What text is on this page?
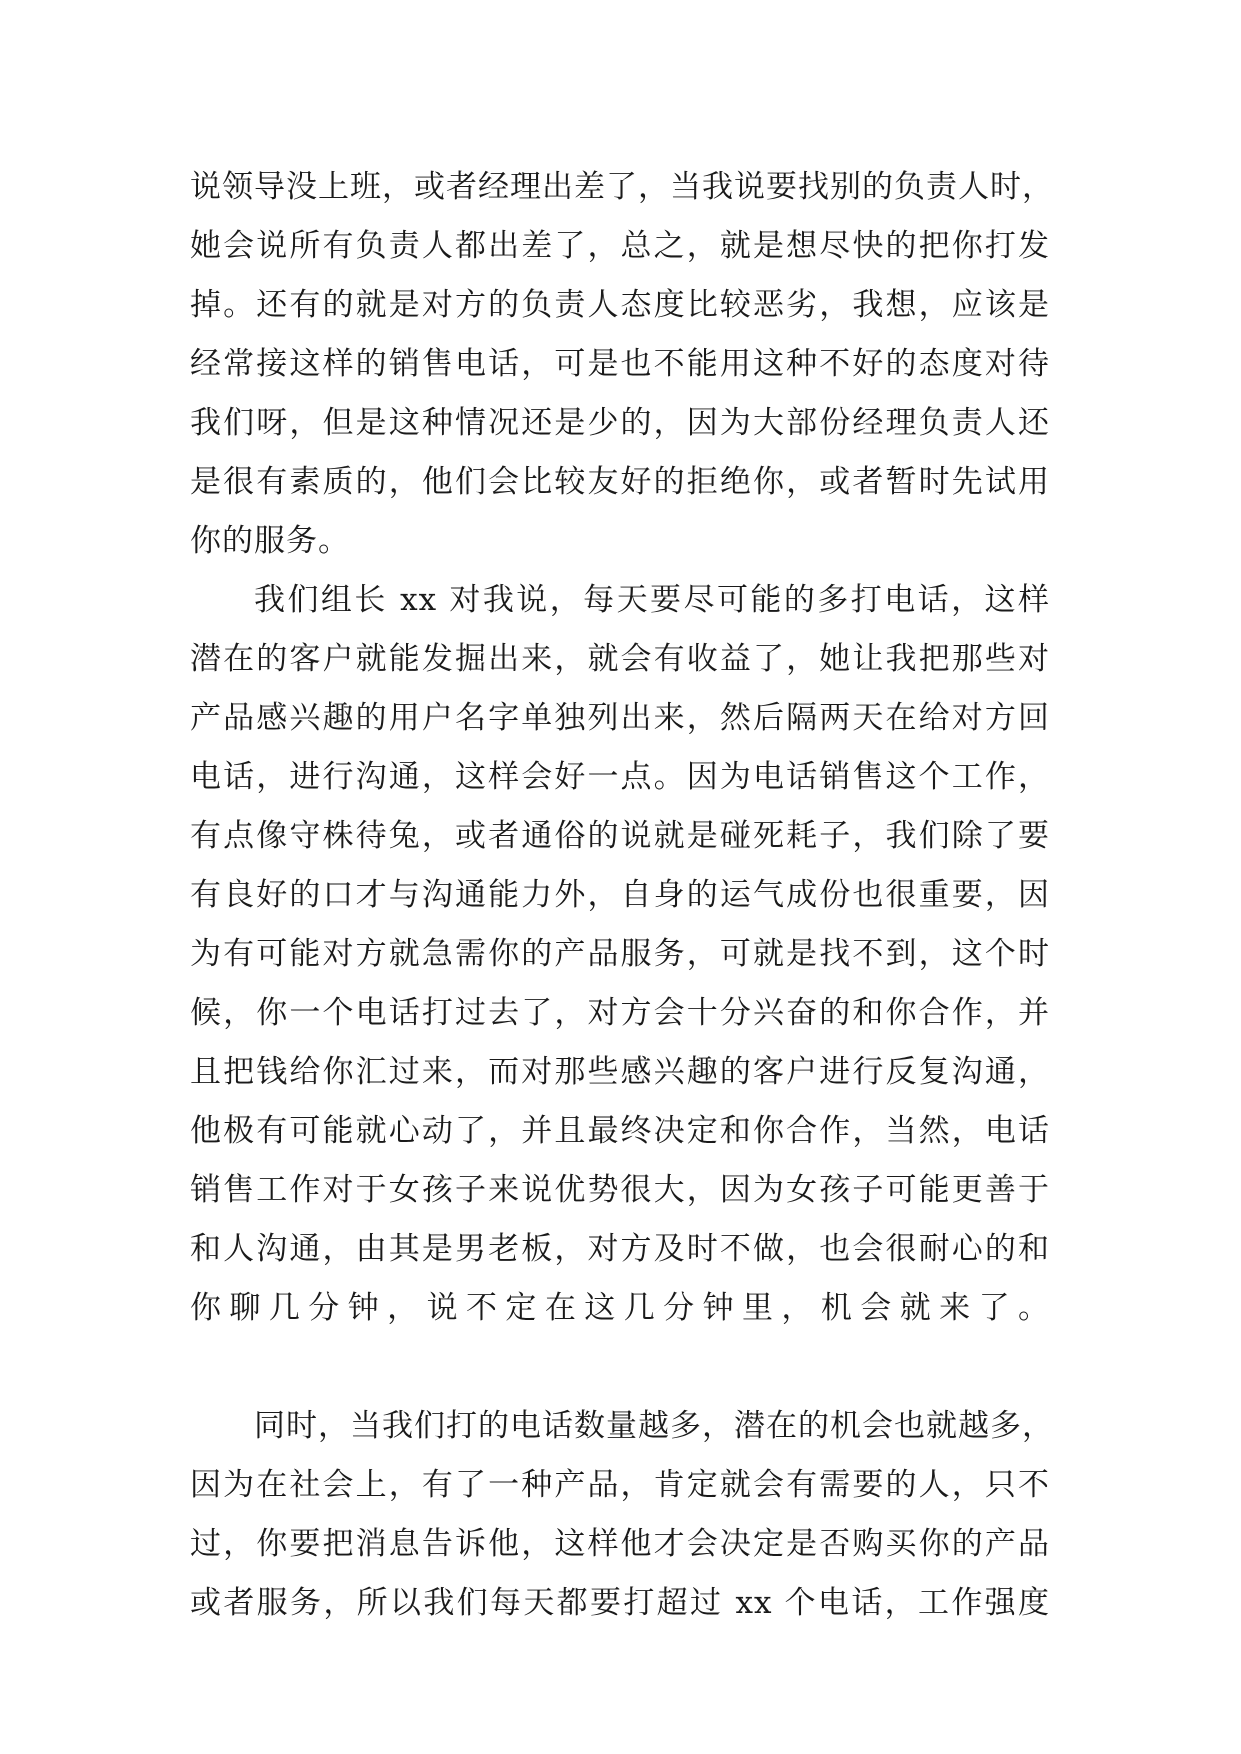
说领导没上班，或者经理出差了，当我说要找别的负责人时，
她会说所有负责人都出差了，总之，就是想尽快的把你打发
掉。还有的就是对方的负责人态度比较恶劣，我想，应该是
经常接这样的销售电话，可是也不能用这种不好的态度对待
我们呀，但是这种情况还是少的，因为大部份经理负责人还
是很有素质的，他们会比较友好的拒绝你，或者暂时先试用
你的服务。
我们组长 xx 对我说，每天要尽可能的多打电话，这样
潜在的客户就能发掘出来，就会有收益了，她让我把那些对
产品感兴趣的用户名字单独列出来，然后隔两天在给对方回
电话，进行沟通，这样会好一点。因为电话销售这个工作，
有点像守株待兔，或者通俗的说就是碰死耗子，我们除了要
有良好的口才与沟通能力外，自身的运气成份也很重要，因
为有可能对方就急需你的产品服务，可就是找不到，这个时
候，你一个电话打过去了，对方会十分兴奋的和你合作，并
且把钱给你汇过来，而对那些感兴趣的客户进行反复沟通，
他极有可能就心动了，并且最终决定和你合作，当然，电话
销售工作对于女孩子来说优势很大，因为女孩子可能更善于
和人沟通，由其是男老板，对方及时不做，也会很耐心的和
你聊几分钟，说不定在这几分钟里，机会就来了。
同时，当我们打的电话数量越多，潜在的机会也就越多，
因为在社会上，有了一种产品，肯定就会有需要的人，只不
过，你要把消息告诉他，这样他才会决定是否购买你的产品
或者服务，所以我们每天都要打超过 xx 个电话，工作强度
